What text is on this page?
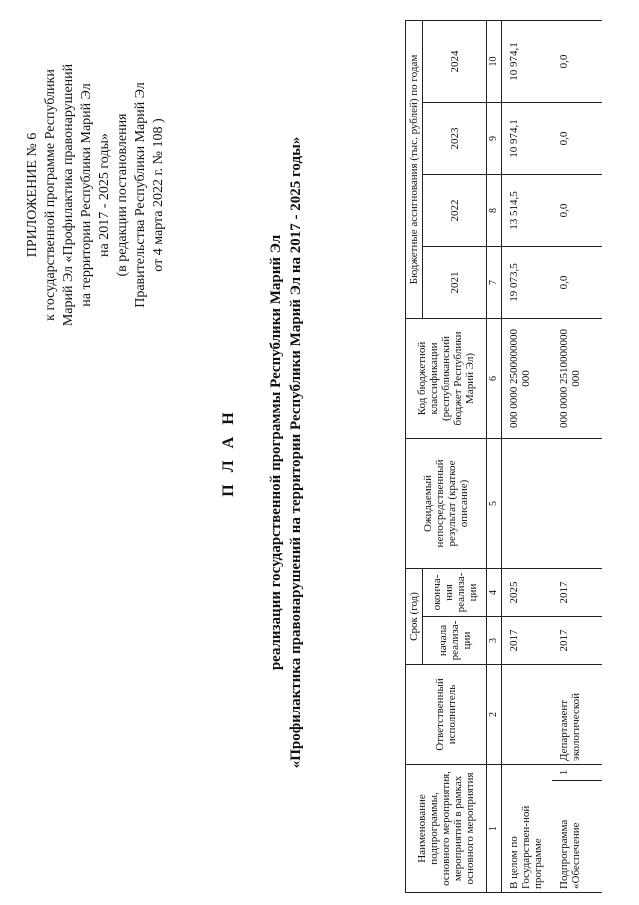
ПРИЛОЖЕНИЕ № 6 к государственной программе Республики Марий Эл «Профилактика правонарушений на территории Республики Марий Эл на 2017 - 2025 годы» (в редакции постановления Правительства Республики Марий Эл от 4 марта 2022 г. № 108 )
П Л А Н реализации государственной программы Республики Марий Эл «Профилактика правонарушений на территории Республики Марий Эл на 2017 - 2025 годы»
Наименование подпрограммы, основного мероприятия, мероприятий в рамках основного мероприятия		Ответственный исполнитель	Срок (год)		Ожидаемый непосредственный результат (краткое описание)	Код бюджетной классификации (республиканский бюджет Республики Марий Эл)	Бюджетные ассигнования (тыс. рублей) по годам			
			начала реализа-ции	оконча-ния реализа-ции			2021	2022	2023	2024
1		2	3	4	5	6	7	8	9	10
В целом по Государствен-ной программе			2017	2025		000 0000 2500000000 000	19 073,5	13 514,5	10 974,1	10 974,1
Подпрограмма «Обеспечение	1	Департамент экологической	2017	2017		000 0000 2510000000 000	0,0	0,0	0,0	0,0
